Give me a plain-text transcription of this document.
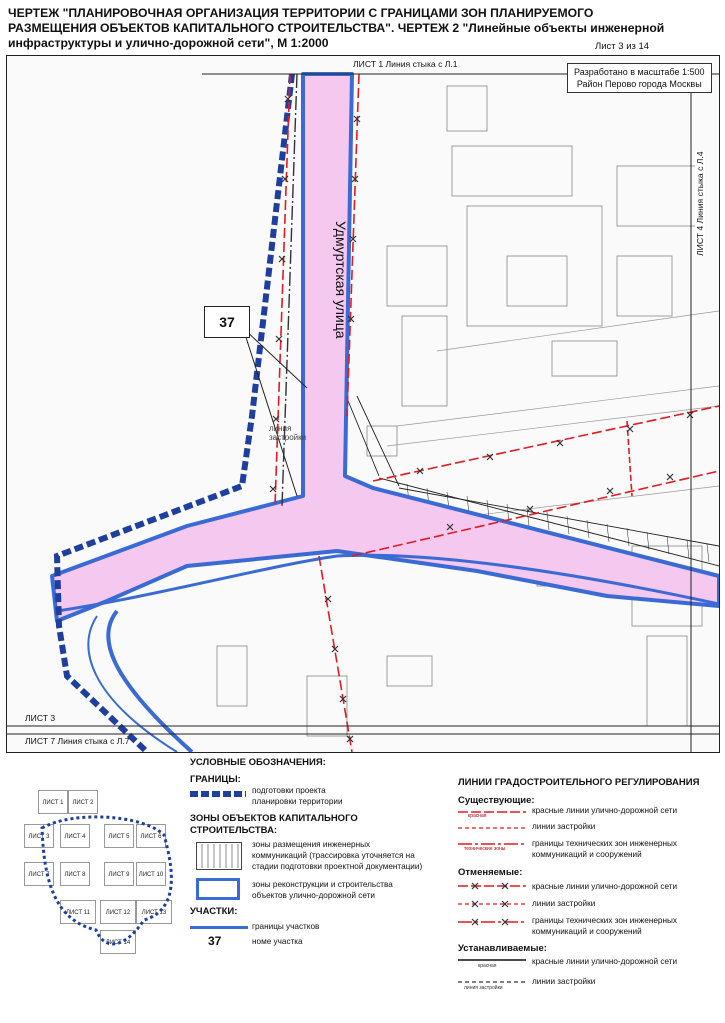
ЧЕРТЕЖ "ПЛАНИРОВОЧНАЯ ОРГАНИЗАЦИЯ ТЕРРИТОРИИ С ГРАНИЦАМИ ЗОН ПЛАНИРУЕМОГО РАЗМЕЩЕНИЯ ОБЪЕКТОВ КАПИТАЛЬНОГО СТРОИТЕЛЬСТВА". ЧЕРТЕЖ 2 "Линейные объекты инженерной инфраструктуры и улично-дорожной сети", М 1:2000	Лист 3 из 14
ЛИСТ 1 Линия стыка с Л.1
Разработано в масштабе 1:500
Район Перово города Москвы
ЛИСТ 4 Линия стыка с Л.4
Удмуртская улица
37
линия
застройки
ЛИСТ 3
ЛИСТ 7 Линия стыка с Л.7
УСЛОВНЫЕ ОБОЗНАЧЕНИЯ:
ЛИСТ 1	ЛИСТ 2
ЛИСТ 3	ЛИСТ 4	ЛИСТ 5	ЛИСТ 6
ЛИСТ 7	ЛИСТ 8	ЛИСТ 9	ЛИСТ 10
ЛИСТ 11	ЛИСТ 12	ЛИСТ 13
ЛИСТ 14
ГРАНИЦЫ:
подготовки проекта
планировки территории
ЗОНЫ ОБЪЕКТОВ КАПИТАЛЬНОГО
СТРОИТЕЛЬСТВА:
зоны размещения инженерных
коммуникаций (трассировка уточняется на
стадии подготовки проектной документации)
зоны реконструкции и строительства
объектов улично-дорожной сети
УЧАСТКИ:
границы участков
37	номе участка
ЛИНИИ ГРАДОСТРОИТЕЛЬНОГО РЕГУЛИРОВАНИЯ
Существующие:
красная
технические зоны
красные линии улично-дорожной сети
линии застройки
границы технических зон инженерных
коммуникаций и сооружений
Отменяемые:
красные линии улично-дорожной сети
линии застройки
границы технических зон инженерных
коммуникаций и сооружений
Устанавливаемые:
красная
линия застройки
красные линии улично-дорожной сети
линии застройки
